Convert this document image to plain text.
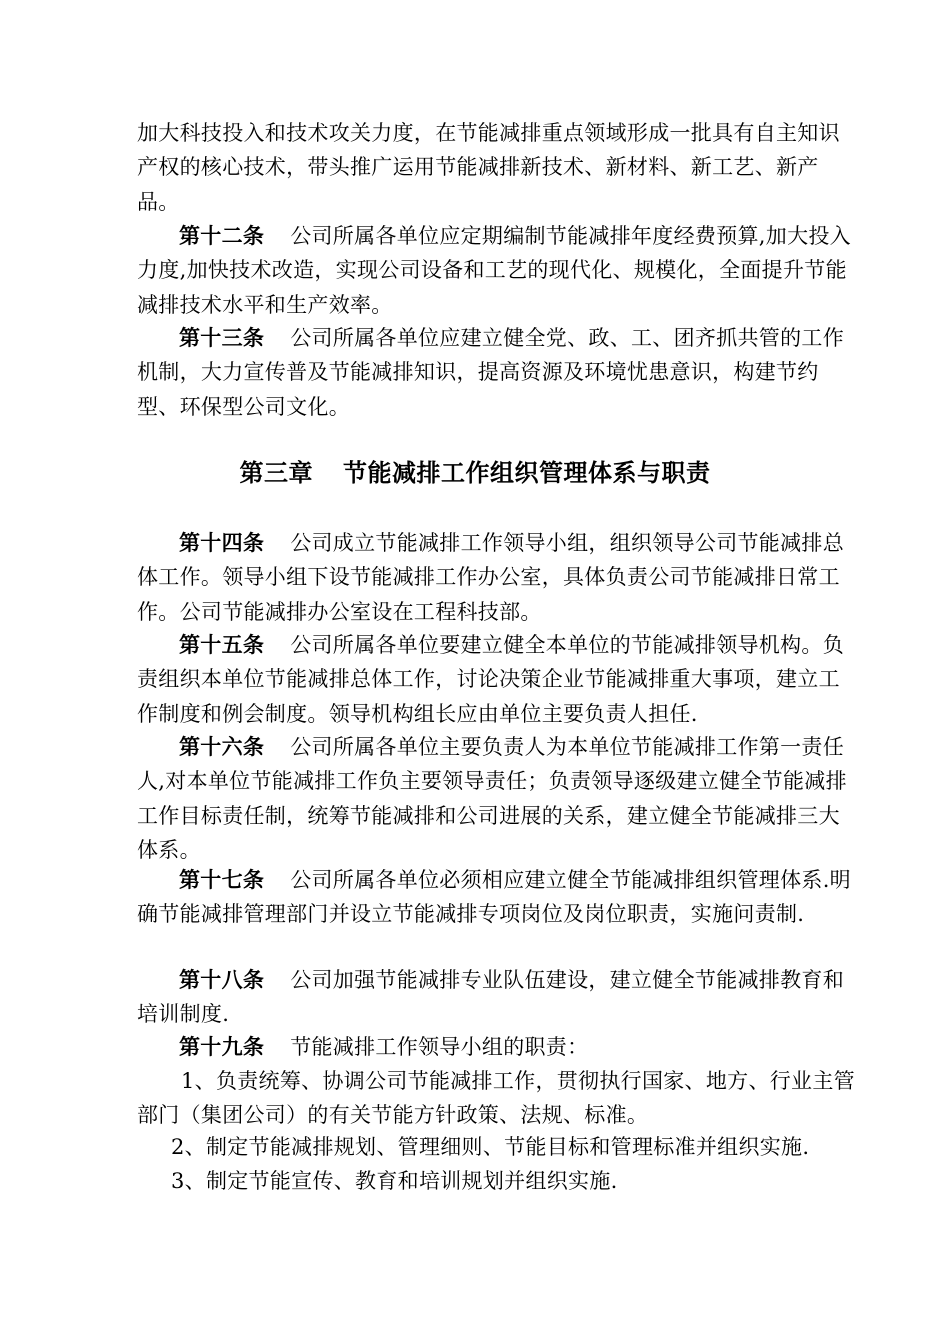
加大科技投入和技术攻关力度，在节能减排重点领域形成一批具有自主知识产权的核心技术，带头推广运用节能减排新技术、新材料、新工艺、新产品。

第十二条 公司所属各单位应定期编制节能减排年度经费预算,加大投入力度,加快技术改造，实现公司设备和工艺的现代化、规模化，全面提升节能减排技术水平和生产效率。

第十三条 公司所属各单位应建立健全党、政、工、团齐抓共管的工作机制，大力宣传普及节能减排知识，提高资源及环境忧患意识，构建节约型、环保型公司文化。

第三章 节能减排工作组织管理体系与职责

第十四条 公司成立节能减排工作领导小组，组织领导公司节能减排总体工作。领导小组下设节能减排工作办公室，具体负责公司节能减排日常工作。公司节能减排办公室设在工程科技部。

第十五条 公司所属各单位要建立健全本单位的节能减排领导机构。负责组织本单位节能减排总体工作，讨论决策企业节能减排重大事项，建立工作制度和例会制度。领导机构组长应由单位主要负责人担任.

第十六条 公司所属各单位主要负责人为本单位节能减排工作第一责任人,对本单位节能减排工作负主要领导责任；负责领导逐级建立健全节能减排工作目标责任制，统筹节能减排和公司进展的关系，建立健全节能减排三大体系。

第十七条 公司所属各单位必须相应建立健全节能减排组织管理体系.明确节能减排管理部门并设立节能减排专项岗位及岗位职责，实施问责制.

第十八条 公司加强节能减排专业队伍建设，建立健全节能减排教育和培训制度.

第十九条 节能减排工作领导小组的职责：

1、负责统筹、协调公司节能减排工作，贯彻执行国家、地方、行业主管部门（集团公司）的有关节能方针政策、法规、标准。

2、制定节能减排规划、管理细则、节能目标和管理标准并组织实施.

3、制定节能宣传、教育和培训规划并组织实施.
